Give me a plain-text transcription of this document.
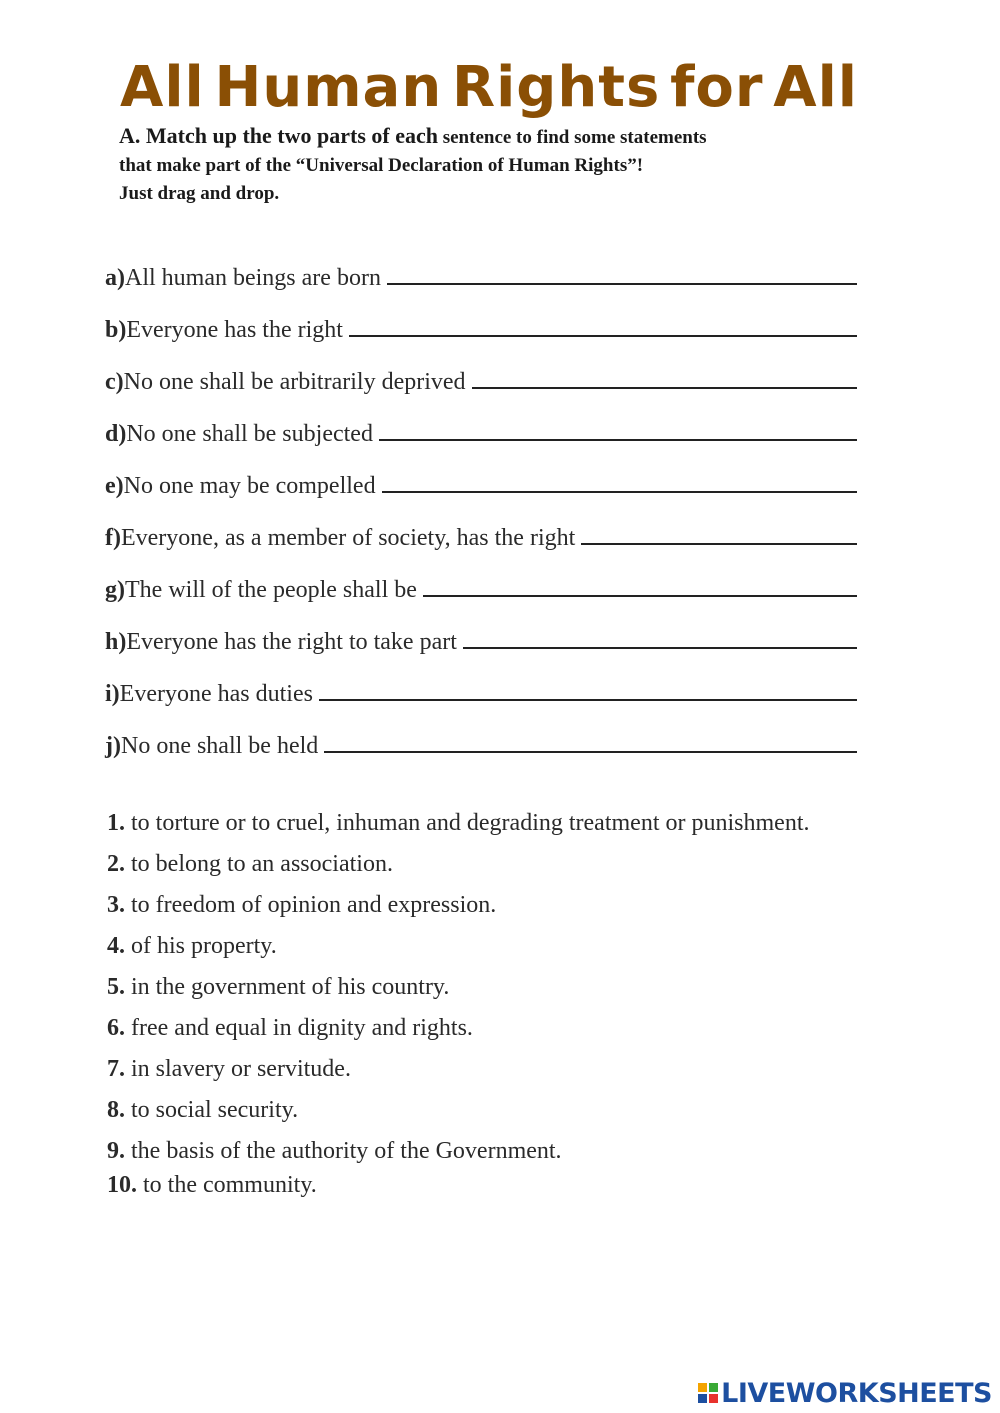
All Human Rights for All
A. Match up the two parts of each sentence to find some statements
that make part of the “Universal Declaration of Human Rights”!
Just drag and drop.
a) All human beings are born
b) Everyone has the right
c) No one shall be arbitrarily deprived
d) No one shall be subjected
e) No one may be compelled
f) Everyone, as a member of society, has the right
g) The will of the people shall be
h) Everyone has the right to take part
i) Everyone has duties
j) No one shall be held
1. to torture or to cruel, inhuman and degrading treatment or punishment.
2. to belong to an association.
3. to freedom of opinion and expression.
4. of his property.
5. in the government of his country.
6. free and equal in dignity and rights.
7. in slavery or servitude.
8. to social security.
9. the basis of the authority of the Government.
10. to the community.
LIVEWORKSHEETS
